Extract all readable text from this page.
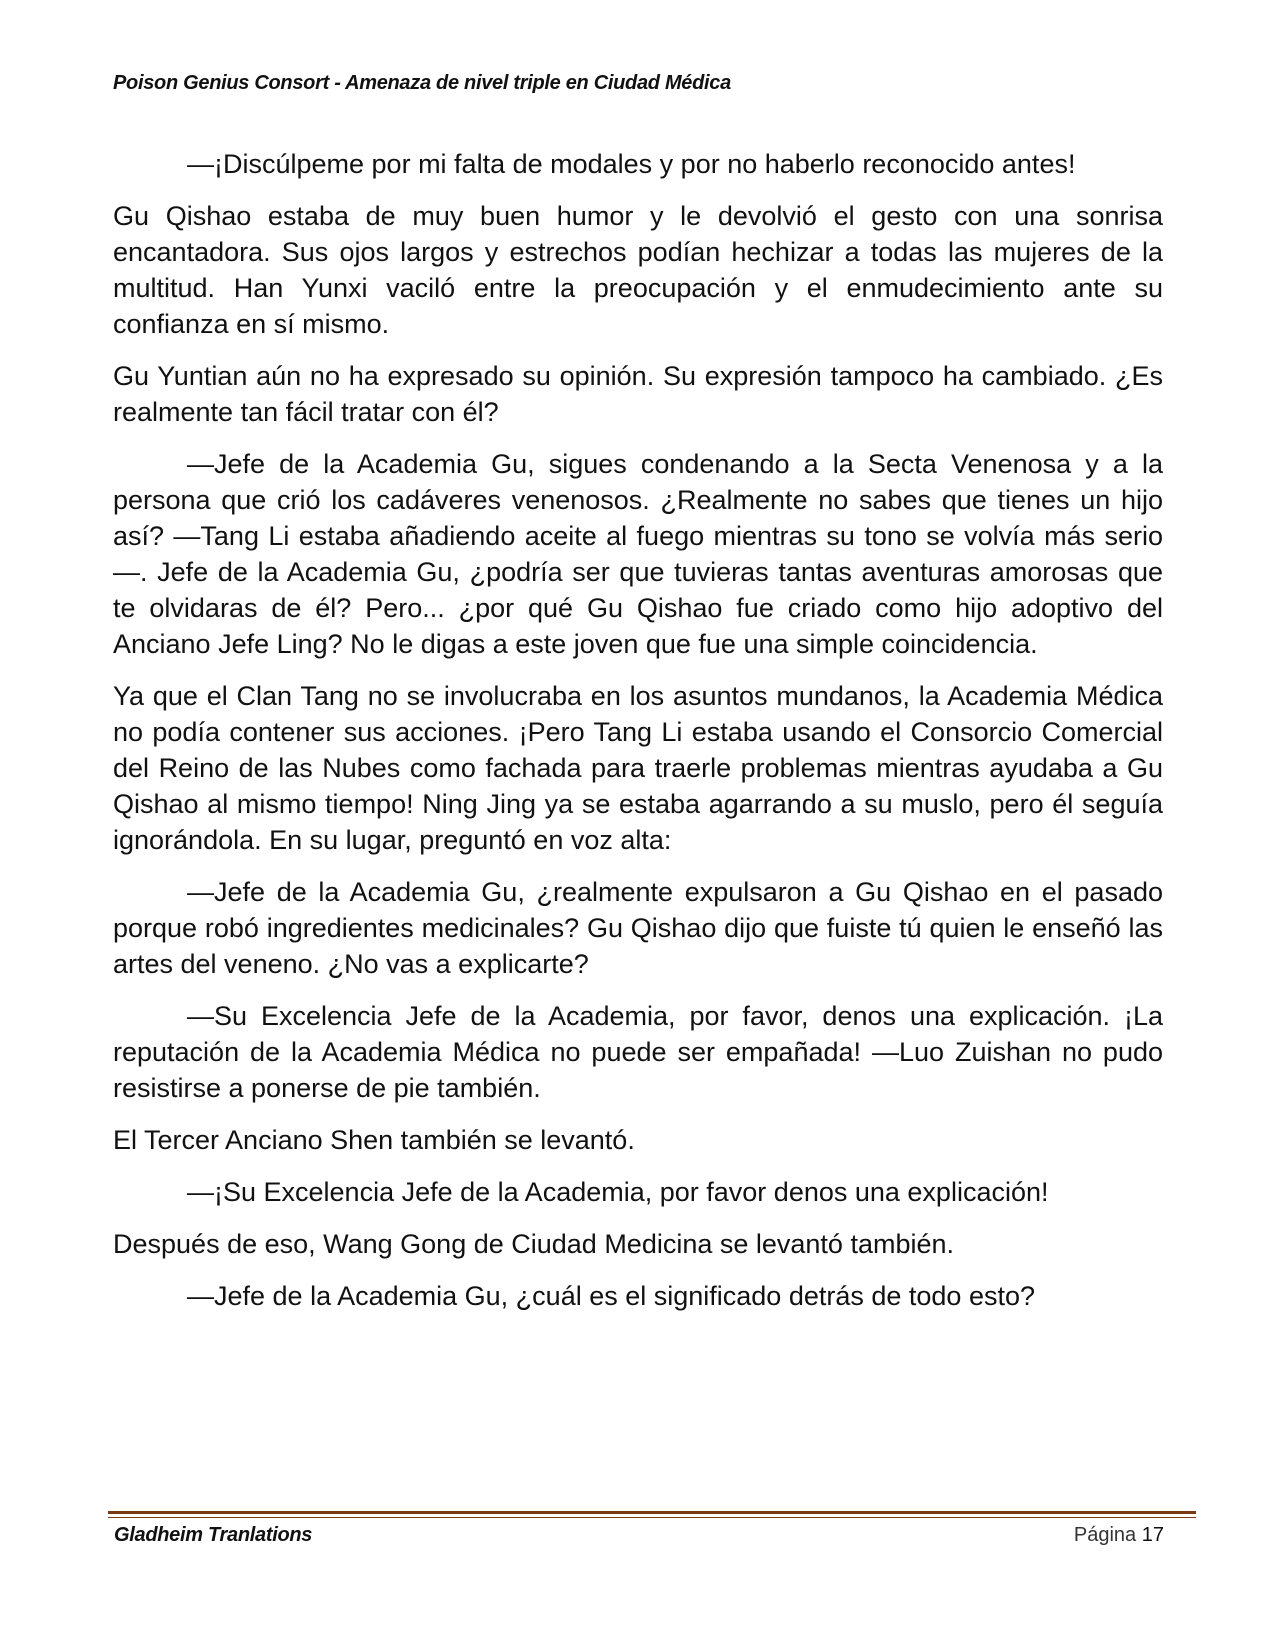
Poison Genius Consort - Amenaza de nivel triple en Ciudad Médica

—¡Discúlpeme por mi falta de modales y por no haberlo reconocido antes!

Gu Qishao estaba de muy buen humor y le devolvió el gesto con una sonrisa encantadora. Sus ojos largos y estrechos podían hechizar a todas las mujeres de la multitud. Han Yunxi vaciló entre la preocupación y el enmudecimiento ante su confianza en sí mismo.

Gu Yuntian aún no ha expresado su opinión. Su expresión tampoco ha cambiado. ¿Es realmente tan fácil tratar con él?

—Jefe de la Academia Gu, sigues condenando a la Secta Venenosa y a la persona que crió los cadáveres venenosos. ¿Realmente no sabes que tienes un hijo así? —Tang Li estaba añadiendo aceite al fuego mientras su tono se volvía más serio—. Jefe de la Academia Gu, ¿podría ser que tuvieras tantas aventuras amorosas que te olvidaras de él? Pero... ¿por qué Gu Qishao fue criado como hijo adoptivo del Anciano Jefe Ling? No le digas a este joven que fue una simple coincidencia.

Ya que el Clan Tang no se involucraba en los asuntos mundanos, la Academia Médica no podía contener sus acciones. ¡Pero Tang Li estaba usando el Consorcio Comercial del Reino de las Nubes como fachada para traerle problemas mientras ayudaba a Gu Qishao al mismo tiempo! Ning Jing ya se estaba agarrando a su muslo, pero él seguía ignorándola. En su lugar, preguntó en voz alta:

—Jefe de la Academia Gu, ¿realmente expulsaron a Gu Qishao en el pasado porque robó ingredientes medicinales? Gu Qishao dijo que fuiste tú quien le enseñó las artes del veneno. ¿No vas a explicarte?

—Su Excelencia Jefe de la Academia, por favor, denos una explicación. ¡La reputación de la Academia Médica no puede ser empañada! —Luo Zuishan no pudo resistirse a ponerse de pie también.

El Tercer Anciano Shen también se levantó.

—¡Su Excelencia Jefe de la Academia, por favor denos una explicación!

Después de eso, Wang Gong de Ciudad Medicina se levantó también.

—Jefe de la Academia Gu, ¿cuál es el significado detrás de todo esto?

Gladheim Tranlations	Página 17
